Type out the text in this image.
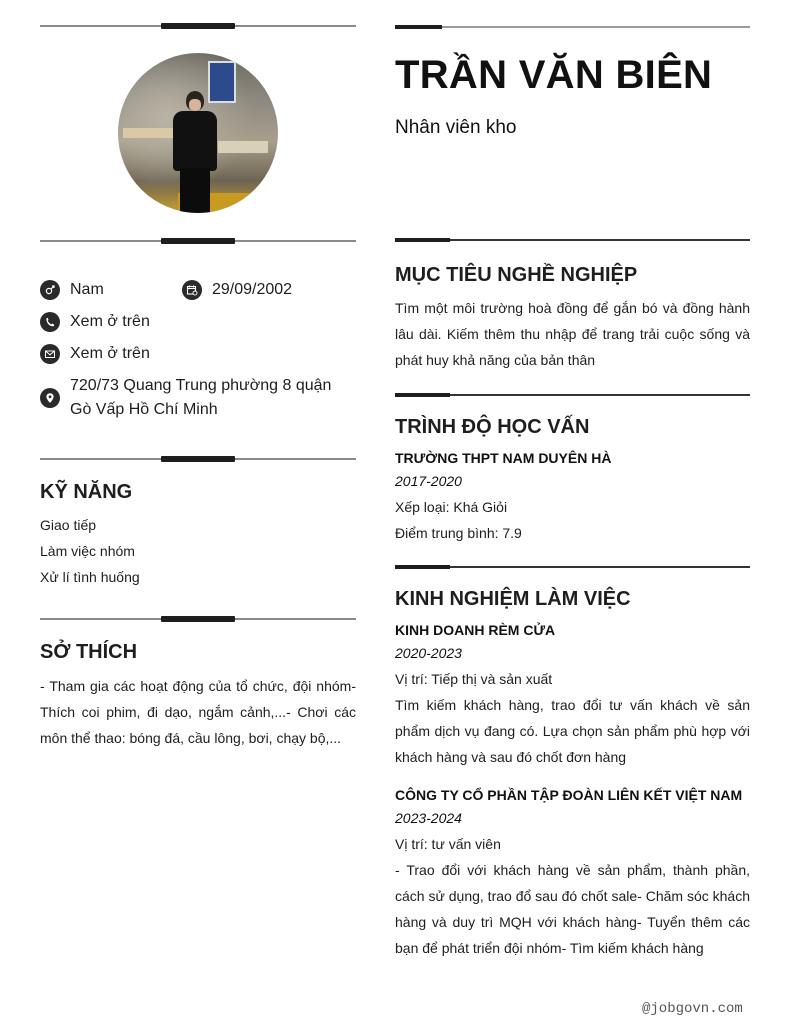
Nam	29/09/2002
Xem ở trên
Xem ở trên
720/73 Quang Trung phường 8 quận Gò Vấp Hồ Chí Minh
KỸ NĂNG
Giao tiếp
Làm việc nhóm
Xử lí tình huống
SỞ THÍCH
- Tham gia các hoạt động của tổ chức, đội nhóm- Thích coi phim, đi dạo, ngắm cảnh,...- Chơi các môn thể thao: bóng đá, cầu lông, bơi, chạy bộ,...
TRẦN VĂN BIÊN
Nhân viên kho
MỤC TIÊU NGHỀ NGHIỆP
Tìm một môi trường hoà đồng để gắn bó và đồng hành lâu dài. Kiếm thêm thu nhập để trang trải cuộc sống và phát huy khả năng của bản thân
TRÌNH ĐỘ HỌC VẤN
TRƯỜNG THPT NAM DUYÊN HÀ
2017-2020
Xếp loại: Khá Giỏi
Điểm trung bình: 7.9
KINH NGHIỆM LÀM VIỆC
KINH DOANH RÈM CỬA
2020-2023
Vị trí: Tiếp thị và sản xuất
Tìm kiếm khách hàng, trao đổi tư vấn khách về sản phẩm dịch vụ đang có. Lựa chọn sản phẩm phù hợp với khách hàng và sau đó chốt đơn hàng
CÔNG TY CỔ PHẦN TẬP ĐOÀN LIÊN KẾT VIỆT NAM
2023-2024
Vị trí: tư vấn viên
- Trao đổi với khách hàng về sản phẩm, thành phần, cách sử dụng, trao đổ sau đó chốt sale- Chăm sóc khách hàng và duy trì MQH với khách hàng- Tuyển thêm các bạn để phát triển đội nhóm- Tìm kiếm khách hàng
@jobgovn.com
